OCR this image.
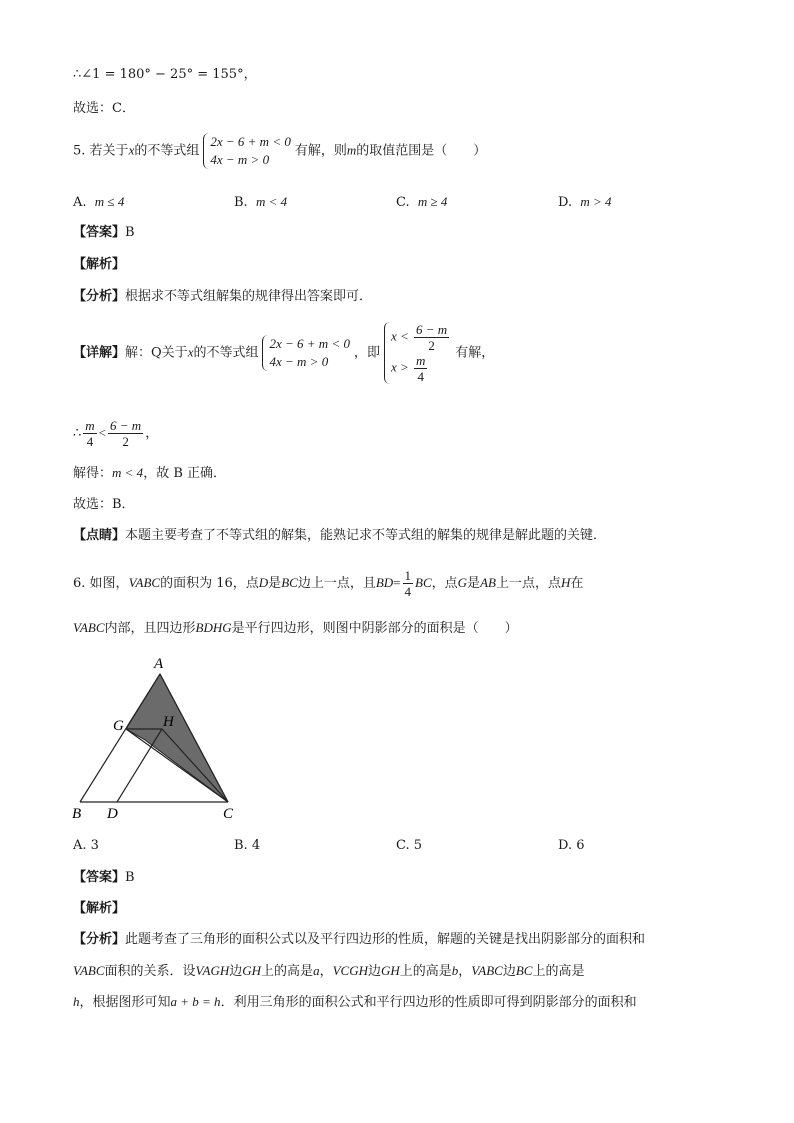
∴∠1 = 180° − 25° = 155°，
故选：C．
5. 若关于x的不等式组
2x − 6 + m < 0
4x − m > 0
有解，则m的取值范围是（　　）
A. m ≤ 4	B. m < 4	C. m ≥ 4	D. m > 4
【答案】B
【解析】
【分析】根据求不等式组解集的规律得出答案即可．
【详解】解：Q关于x的不等式组
2x − 6 + m < 0
4x − m > 0
，即
$x < \frac{6 - m}{2}$
$x > \frac{m}{4}$ 有解，
∴ $\frac{m}{4} < \frac{6 - m}{2}$ ，
解得：m < 4，故 B 正确．
故选：B．
【点睛】本题主要考查了不等式组的解集，能熟记求不等式组的解集的规律是解此题的关键．
6. 如图，VABC的面积为 16，点D是BC边上一点，且$BD= \frac{1}{4}$ BC，点G是AB上一点，点H在
VABC内部，且四边形BDHG是平行四边形，则图中阴影部分的面积是（　　）
A
G	H
B D	C
A. 3	B. 4	C. 5	D. 6
【答案】B
【解析】
【分析】此题考查了三角形的面积公式以及平行四边形的性质，解题的关键是找出阴影部分的面积和
VABC面积的关系．设VAGH边GH上的高是a，VCGH边GH上的高是b，VABC边BC上的高是
h，根据图形可知a + b = h．利用三角形的面积公式和平行四边形的性质即可得到阴影部分的面积和
